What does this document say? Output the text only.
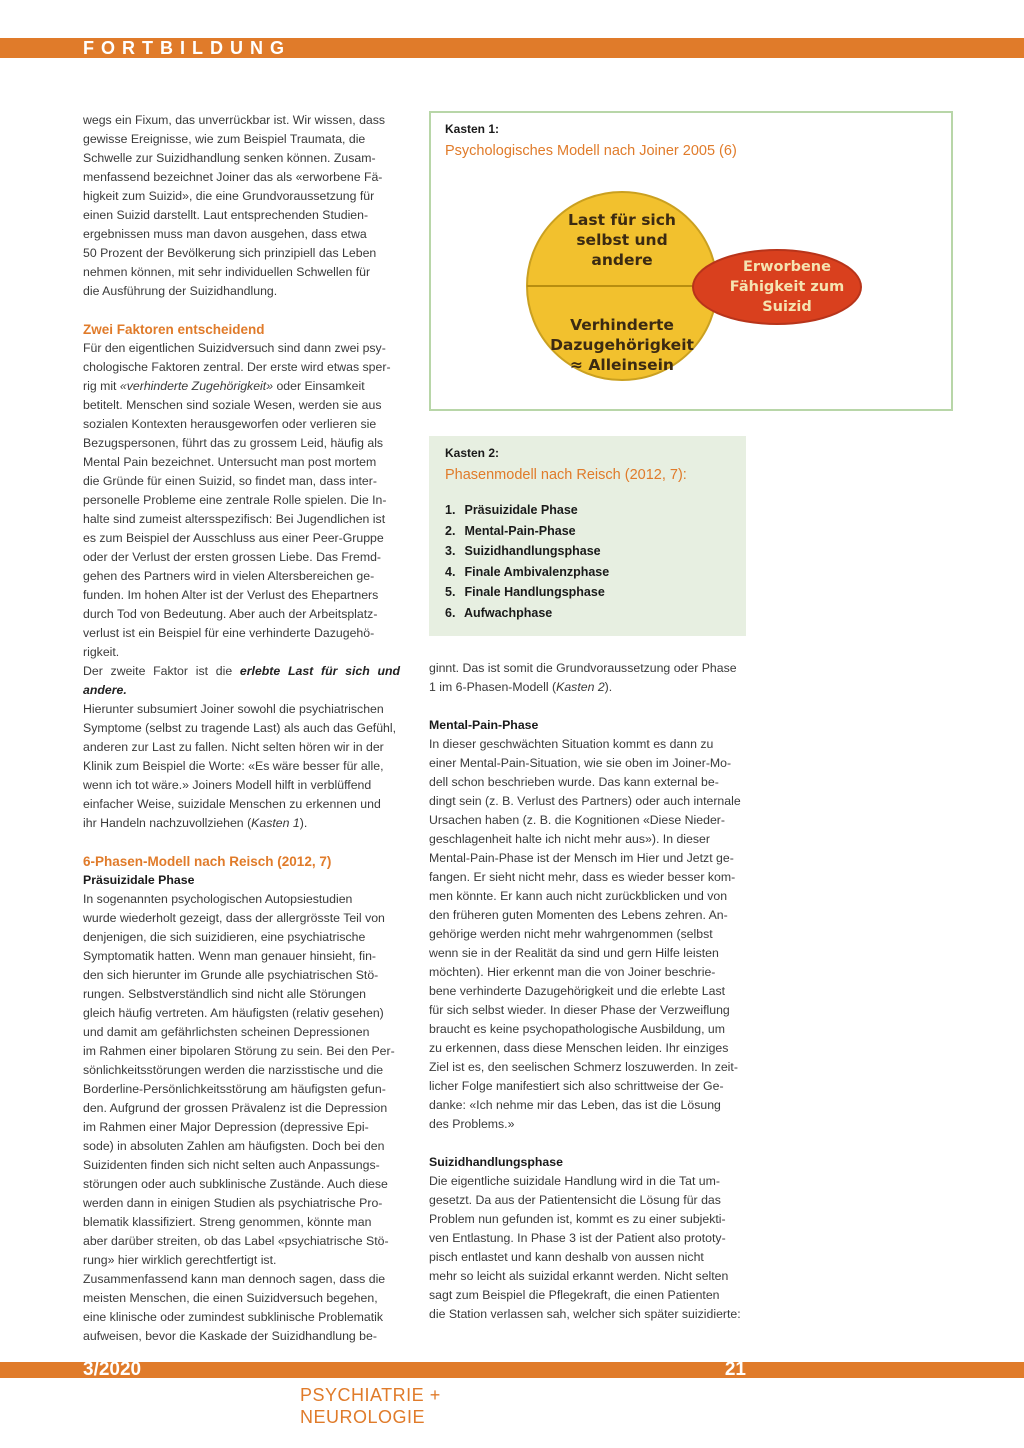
FORTBILDUNG

wegs ein Fixum, das unverrückbar ist. Wir wissen, dass

gewisse Ereignisse, wie zum Beispiel Traumata, die

Schwelle zur Suizidhandlung senken können. Zusam-

menfassend bezeichnet Joiner das als «erworbene Fä-

higkeit zum Suizid», die eine Grundvoraussetzung für

einen Suizid darstellt. Laut entsprechenden Studien-

ergebnissen muss man davon ausgehen, dass etwa

50 Prozent der Bevölkerung sich prinzipiell das Leben

nehmen können, mit sehr individuellen Schwellen für

die Ausführung der Suizidhandlung.

Zwei Faktoren entscheidend

Für den eigentlichen Suizidversuch sind dann zwei psy-

chologische Faktoren zentral. Der erste wird etwas sper-

rig mit «verhinderte Zugehörigkeit» oder Einsamkeit

betitelt. Menschen sind soziale Wesen, werden sie aus

sozialen Kontexten herausgeworfen oder verlieren sie

Bezugspersonen, führt das zu grossem Leid, häufig als

Mental Pain bezeichnet. Untersucht man post mortem

die Gründe für einen Suizid, so findet man, dass inter-

personelle Probleme eine zentrale Rolle spielen. Die In-

halte sind zumeist altersspezifisch: Bei Jugendlichen ist

es zum Beispiel der Ausschluss aus einer Peer-Gruppe

oder der Verlust der ersten grossen Liebe. Das Fremd-

gehen des Partners wird in vielen Altersbereichen ge-

funden. Im hohen Alter ist der Verlust des Ehepartners

durch Tod von Bedeutung. Aber auch der Arbeitsplatz-

verlust ist ein Beispiel für eine verhinderte Dazugehö-

rigkeit.

Der zweite Faktor ist die erlebte Last für sich und andere.

Hierunter subsumiert Joiner sowohl die psychiatrischen

Symptome (selbst zu tragende Last) als auch das Gefühl,

anderen zur Last zu fallen. Nicht selten hören wir in der

Klinik zum Beispiel die Worte: «Es wäre besser für alle,

wenn ich tot wäre.» Joiners Modell hilft in verblüffend

einfacher Weise, suizidale Menschen zu erkennen und

ihr Handeln nachzuvollziehen (Kasten 1).

6-Phasen-Modell nach Reisch (2012, 7)
Präsuizidale Phase

In sogenannten psychologischen Autopsiestudien

wurde wiederholt gezeigt, dass der allergrösste Teil von

denjenigen, die sich suizidieren, eine psychiatrische

Symptomatik hatten. Wenn man genauer hinsieht, fin-

den sich hierunter im Grunde alle psychiatrischen Stö-

rungen. Selbstverständlich sind nicht alle Störungen

gleich häufig vertreten. Am häufigsten (relativ gesehen)

und damit am gefährlichsten scheinen Depressionen

im Rahmen einer bipolaren Störung zu sein. Bei den Per-

sönlichkeitsstörungen werden die narzisstische und die

Borderline-Persönlichkeitsstörung am häufigsten gefun-

den. Aufgrund der grossen Prävalenz ist die Depression

im Rahmen einer Major Depression (depressive Epi-

sode) in absoluten Zahlen am häufigsten. Doch bei den

Suizidenten finden sich nicht selten auch Anpassungs-

störungen oder auch subklinische Zustände. Auch diese

werden dann in einigen Studien als psychiatrische Pro-

blematik klassifiziert. Streng genommen, könnte man

aber darüber streiten, ob das Label «psychiatrische Stö-

rung» hier wirklich gerechtfertigt ist.

Zusammenfassend kann man dennoch sagen, dass die

meisten Menschen, die einen Suizidversuch begehen,

eine klinische oder zumindest subklinische Problematik

aufweisen, bevor die Kaskade der Suizidhandlung be-

Kasten 1:
Psychologisches Modell nach Joiner 2005 (6)
Last für sich
selbst und
andere
Verhinderte
Dazugehörigkeit
≈ Alleinsein
Erworbene
Fähigkeit zum
Suizid
Kasten 2:
Phasenmodell nach Reisch (2012, 7):
1. Präsuizidale Phase
2. Mental-Pain-Phase
3. Suizidhandlungsphase
4. Finale Ambivalenzphase
5. Finale Handlungsphase
6. Aufwachphase

ginnt. Das ist somit die Grundvoraussetzung oder Phase

1 im 6-Phasen-Modell (Kasten 2).

Mental-Pain-Phase

In dieser geschwächten Situation kommt es dann zu

einer Mental-Pain-Situation, wie sie oben im Joiner-Mo-

dell schon beschrieben wurde. Das kann external be-

dingt sein (z. B. Verlust des Partners) oder auch internale

Ursachen haben (z. B. die Kognitionen «Diese Nieder-

geschlagenheit halte ich nicht mehr aus»). In dieser

Mental-Pain-Phase ist der Mensch im Hier und Jetzt ge-

fangen. Er sieht nicht mehr, dass es wieder besser kom-

men könnte. Er kann auch nicht zurückblicken und von

den früheren guten Momenten des Lebens zehren. An-

gehörige werden nicht mehr wahrgenommen (selbst

wenn sie in der Realität da sind und gern Hilfe leisten

möchten). Hier erkennt man die von Joiner beschrie-

bene verhinderte Dazugehörigkeit und die erlebte Last

für sich selbst wieder. In dieser Phase der Verzweiflung

braucht es keine psychopathologische Ausbildung, um

zu erkennen, dass diese Menschen leiden. Ihr einziges

Ziel ist es, den seelischen Schmerz loszuwerden. In zeit-

licher Folge manifestiert sich also schrittweise der Ge-

danke: «Ich nehme mir das Leben, das ist die Lösung

des Problems.»

Suizidhandlungsphase

Die eigentliche suizidale Handlung wird in die Tat um-

gesetzt. Da aus der Patientensicht die Lösung für das

Problem nun gefunden ist, kommt es zu einer subjekti-

ven Entlastung. In Phase 3 ist der Patient also prototy-

pisch entlastet und kann deshalb von aussen nicht

mehr so leicht als suizidal erkannt werden. Nicht selten

sagt zum Beispiel die Pflegekraft, die einen Patienten

die Station verlassen sah, welcher sich später suizidierte:

3/2020	21
PSYCHIATRIE + NEUROLOGIE
